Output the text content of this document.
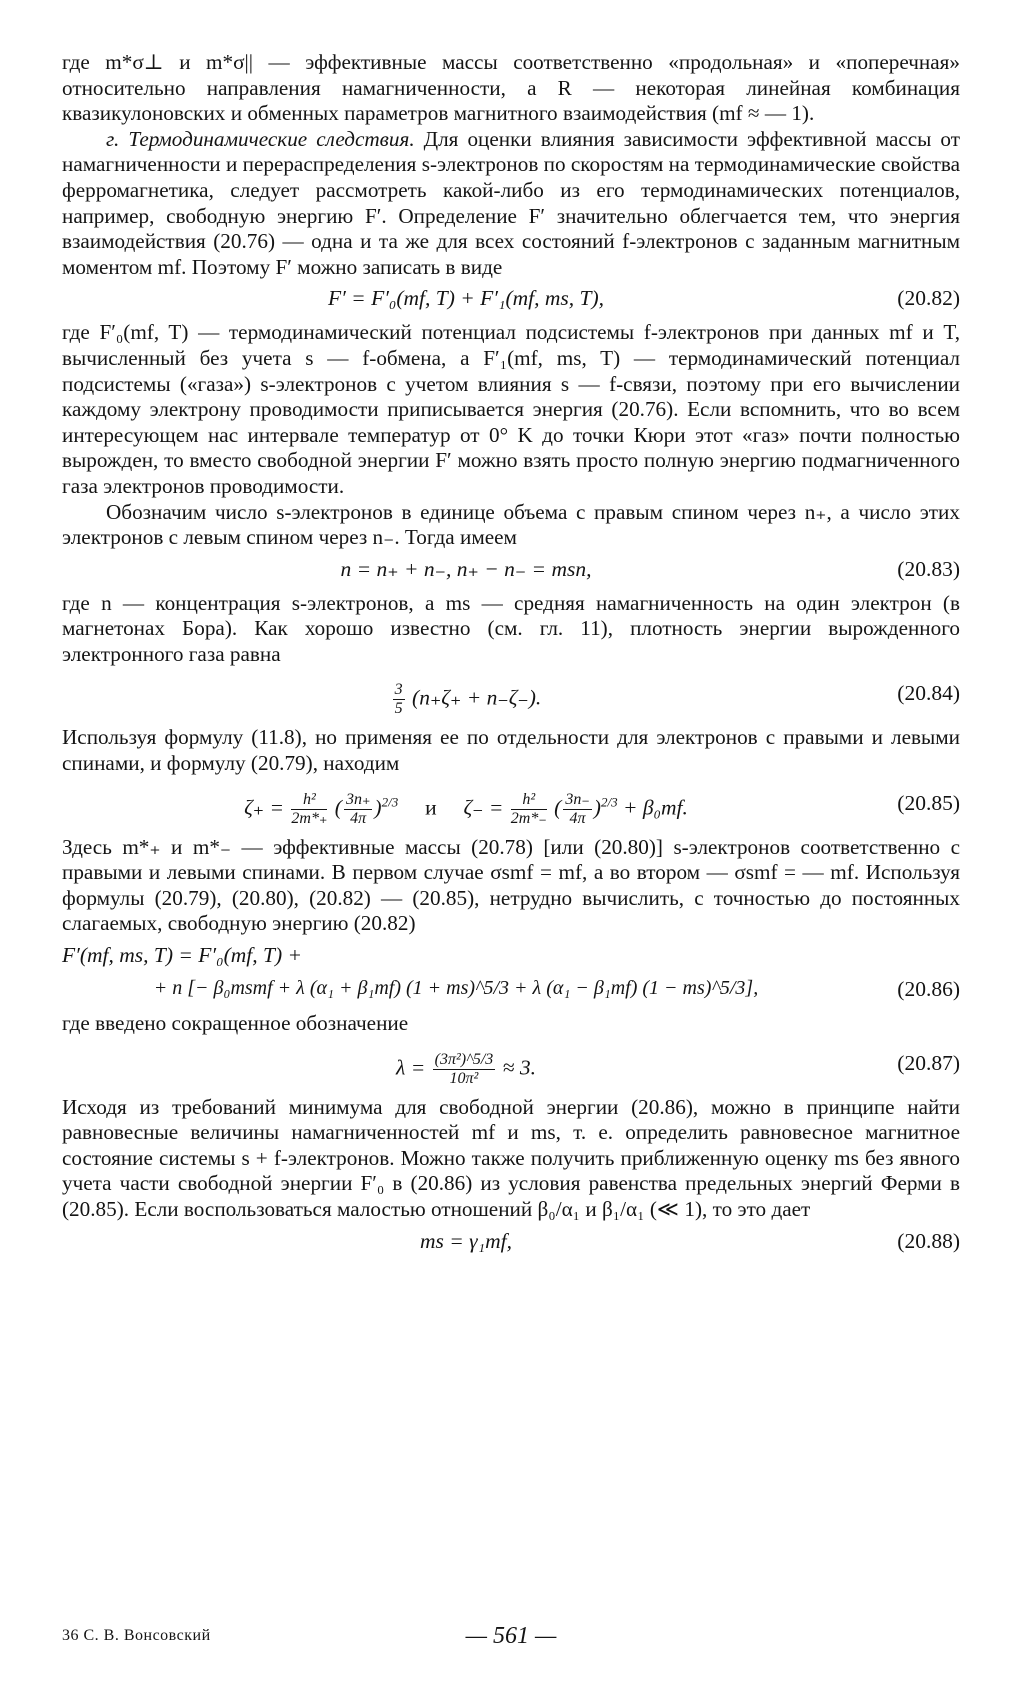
где m*σ⊥ и m*σ|| — эффективные массы соответственно «продольная» и «поперечная» относительно направления намагниченности, а R — некоторая линейная комбинация квазикулоновских и обменных параметров магнитного взаимодействия (mf ≈ — 1).

г. Термодинамические следствия. Для оценки влияния зависимости эффективной массы от намагниченности и перераспределения s-электронов по скоростям на термодинамические свойства ферромагнетика, следует рассмотреть какой-либо из его термодинамических потенциалов, например, свободную энергию F′. Определение F′ значительно облегчается тем, что энергия взаимодействия (20.76) — одна и та же для всех состояний f-электронов с заданным магнитным моментом mf. Поэтому F′ можно записать в виде

F′ = F′₀(mf, T) + F′₁(mf, ms, T),	(20.82)

где F′₀(mf, T) — термодинамический потенциал подсистемы f-электронов при данных mf и T, вычисленный без учета s — f-обмена, а F′₁(mf, ms, T) — термодинамический потенциал подсистемы («газа») s-электронов с учетом влияния s — f-связи, поэтому при его вычислении каждому электрону проводимости приписывается энергия (20.76). Если вспомнить, что во всем интересующем нас интервале температур от 0° K до точки Кюри этот «газ» почти полностью вырожден, то вместо свободной энергии F′ можно взять просто полную энергию подмагниченного газа электронов проводимости.

Обозначим число s-электронов в единице объема с правым спином через n₊, а число этих электронов с левым спином через n₋. Тогда имеем

n = n₊ + n₋, n₊ − n₋ = msn,	(20.83)

где n — концентрация s-электронов, а ms — средняя намагниченность на один электрон (в магнетонах Бора). Как хорошо известно (см. гл. 11), плотность энергии вырожденного электронного газа равна

$\frac{3}{5} (n_+\zeta_+ + n_-\zeta_-)$.	(20.84)

Используя формулу (11.8), но применяя ее по отдельности для электронов с правыми и левыми спинами, и формулу (20.79), находим

$\zeta_+ = \frac{\text{h²}}{2m*_+}$ ( $\frac{3n_+}{4\pi} )^{2/3}$ и $\zeta_- = \frac{\text{h²}}{2m*_-}$ ( $\frac{3n_-}{4\pi} )^{2/3} + \beta_0mf$.	(20.85)

Здесь m*₊ и m*₋ — эффективные массы (20.78) [или (20.80)] s-электронов соответственно с правыми и левыми спинами. В первом случае σsmf = mf, а во втором — σsmf = — mf. Используя формулы (20.79), (20.80), (20.82) — (20.85), нетрудно вычислить, с точностью до постоянных слагаемых, свободную энергию (20.82)

F′(mf, ms, T) = F′₀(mf, T) +
+ n [− β₀msmf + λ (α₁ + β₁mf) (1 + ms)^5/3 + λ (α₁ − β₁mf) (1 − ms)^5/3],	(20.86)

где введено сокращенное обозначение

$\lambda = \frac{\text{(3π²)\textasciicircum{}5/3}}{\text{10π²}} \approx 3$.	(20.87)

Исходя из требований минимума для свободной энергии (20.86), можно в принципе найти равновесные величины намагниченностей mf и ms, т. е. определить равновесное магнитное состояние системы s + f-электронов. Можно также получить приближенную оценку ms без явного учета части свободной энергии F′₀ в (20.86) из условия равенства предельных энергий Ферми в (20.85). Если воспользоваться малостью отношений β₀/α₁ и β₁/α₁ (≪ 1), то это дает

ms = γ₁mf,	(20.88)
36 С. В. Вонсовский	— 561 —
